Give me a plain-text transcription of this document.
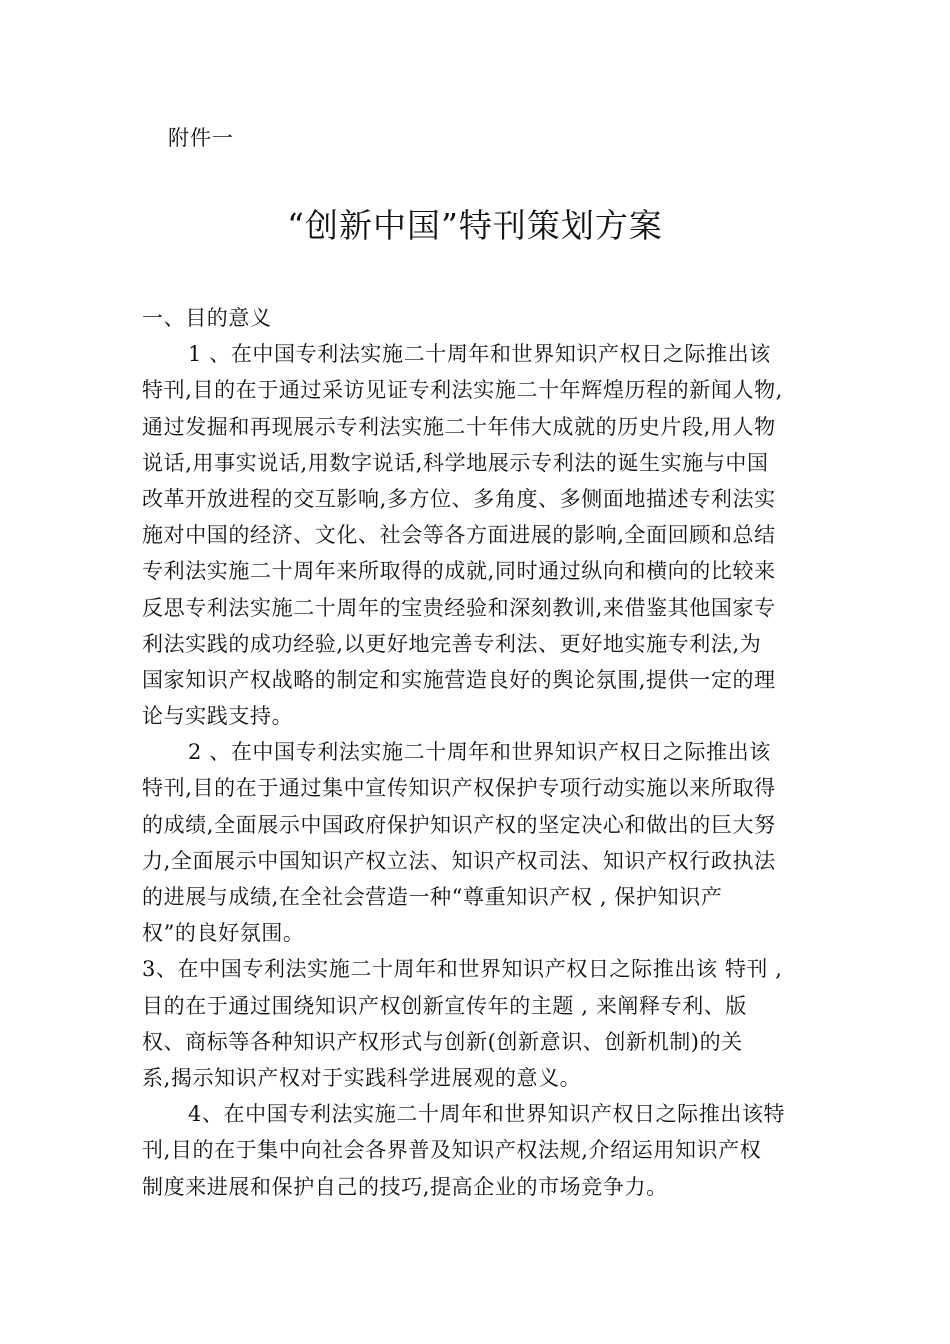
附件一
“创新中国”特刊策划方案
一、目的意义
1 、在中国专利法实施二十周年和世界知识产权日之际推出该
特刊,目的在于通过采访见证专利法实施二十年辉煌历程的新闻人物,
通过发掘和再现展示专利法实施二十年伟大成就的历史片段,用人物
说话,用事实说话,用数字说话,科学地展示专利法的诞生实施与中国
改革开放进程的交互影响,多方位、多角度、多侧面地描述专利法实
施对中国的经济、文化、社会等各方面进展的影响,全面回顾和总结
专利法实施二十周年来所取得的成就,同时通过纵向和横向的比较来
反思专利法实施二十周年的宝贵经验和深刻教训,来借鉴其他国家专
利法实践的成功经验,以更好地完善专利法、更好地实施专利法,为
国家知识产权战略的制定和实施营造良好的舆论氛围,提供一定的理
论与实践支持。
2 、在中国专利法实施二十周年和世界知识产权日之际推出该
特刊,目的在于通过集中宣传知识产权保护专项行动实施以来所取得
的成绩,全面展示中国政府保护知识产权的坚定决心和做出的巨大努
力,全面展示中国知识产权立法、知识产权司法、知识产权行政执法
的进展与成绩,在全社会营造一种“尊重知识产权 , 保护知识产
权”的良好氛围。
3、在中国专利法实施二十周年和世界知识产权日之际推出该 特刊 ,
目的在于通过围绕知识产权创新宣传年的主题 , 来阐释专利、版
权、商标等各种知识产权形式与创新(创新意识、创新机制)的关
系,揭示知识产权对于实践科学进展观的意义。
4、在中国专利法实施二十周年和世界知识产权日之际推出该特
刊,目的在于集中向社会各界普及知识产权法规,介绍运用知识产权
制度来进展和保护自己的技巧,提高企业的市场竞争力。
